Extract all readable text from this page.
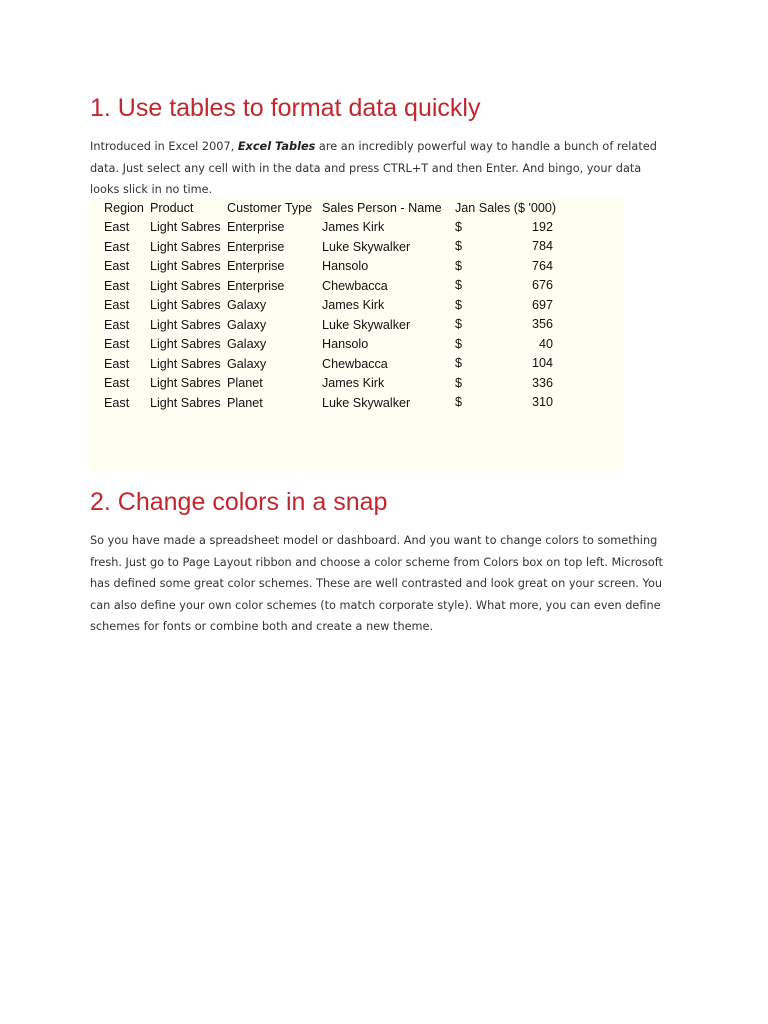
1. Use tables to format data quickly

Introduced in Excel 2007, Excel Tables are an incredibly powerful way to handle a bunch of related data. Just select any cell with in the data and press CTRL+T and then Enter. And bingo, your data looks slick in no time.

2. Change colors in a snap

So you have made a spreadsheet model or dashboard. And you want to change colors to something fresh. Just go to Page Layout ribbon and choose a color scheme from Colors box on top left. Microsoft has defined some great color schemes. These are well contrasted and look great on your screen. You can also define your own color schemes (to match corporate style). What more, you can even define schemes for fonts or combine both and create a new theme.

Region	Product	Customer Type	Sales Person - Name	Jan Sales ($ '000)
East	Light Sabres	Enterprise	James Kirk	$ 192

East	Light Sabres	Enterprise	Luke Skywalker	$ 784

East	Light Sabres	Enterprise	Hansolo	$ 764

East	Light Sabres	Enterprise	Chewbacca	$ 676

East	Light Sabres	Galaxy	James Kirk	$ 697

East	Light Sabres	Galaxy	Luke Skywalker	$ 356

East	Light Sabres	Galaxy	Hansolo	$ 40

East	Light Sabres	Galaxy	Chewbacca	$ 104

East	Light Sabres	Planet	James Kirk	$ 336

East	Light Sabres	Planet	Luke Skywalker	$ 310
